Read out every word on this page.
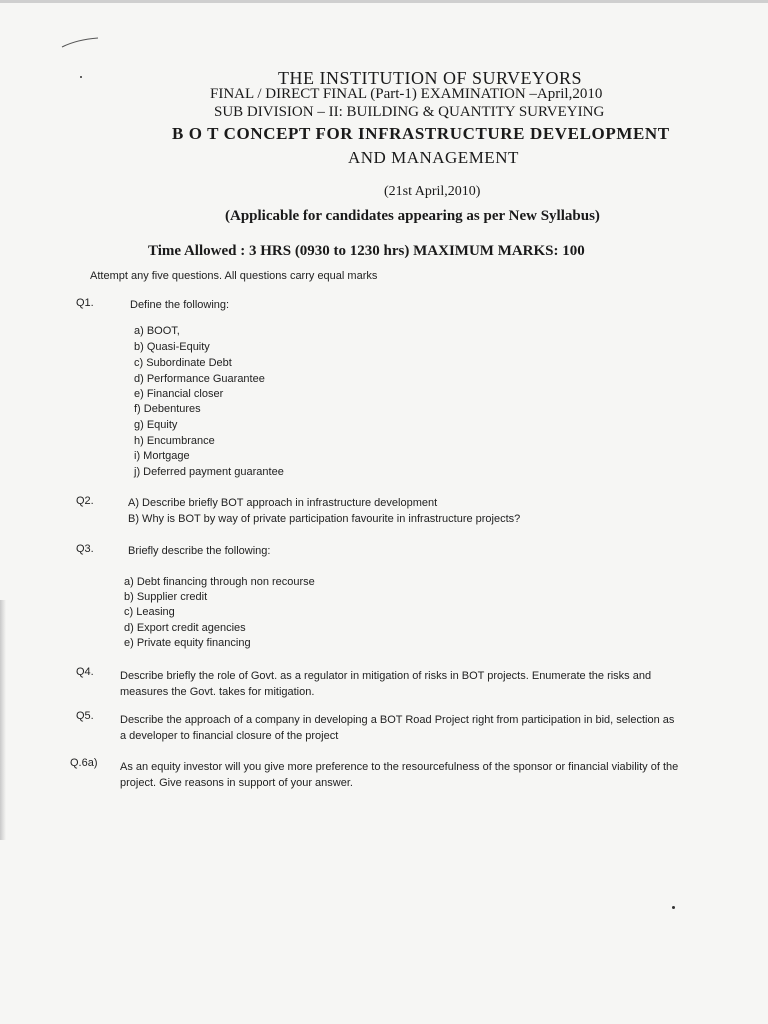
THE INSTITUTION OF SURVEYORS
FINAL / DIRECT FINAL (Part-1) EXAMINATION –April,2010
SUB DIVISION – II: BUILDING & QUANTITY SURVEYING
B O T CONCEPT FOR INFRASTRUCTURE DEVELOPMENT
AND MANAGEMENT
(21st April,2010)
(Applicable for candidates appearing as per New Syllabus)
Time Allowed : 3 HRS (0930 to 1230 hrs) MAXIMUM MARKS: 100
Attempt any five questions. All questions carry equal marks
Q1.	Define the following:
a) BOOT,
b) Quasi-Equity
c) Subordinate Debt
d) Performance Guarantee
e) Financial closer
f) Debentures
g) Equity
h) Encumbrance
i) Mortgage
j) Deferred payment guarantee
Q2.	A) Describe briefly BOT approach in infrastructure development
B) Why is BOT by way of private participation favourite in infrastructure projects?
Q3.	Briefly describe the following:
a) Debt financing through non recourse
b) Supplier credit
c) Leasing
d) Export credit agencies
e) Private equity financing
Q4. Describe briefly the role of Govt. as a regulator in mitigation of risks in BOT projects. Enumerate the risks and measures the Govt. takes for mitigation.
Q5. Describe the approach of a company in developing a BOT Road Project right from participation in bid, selection as a developer to financial closure of the project
Q.6a) As an equity investor will you give more preference to the resourcefulness of the sponsor or financial viability of the project. Give reasons in support of your answer.
